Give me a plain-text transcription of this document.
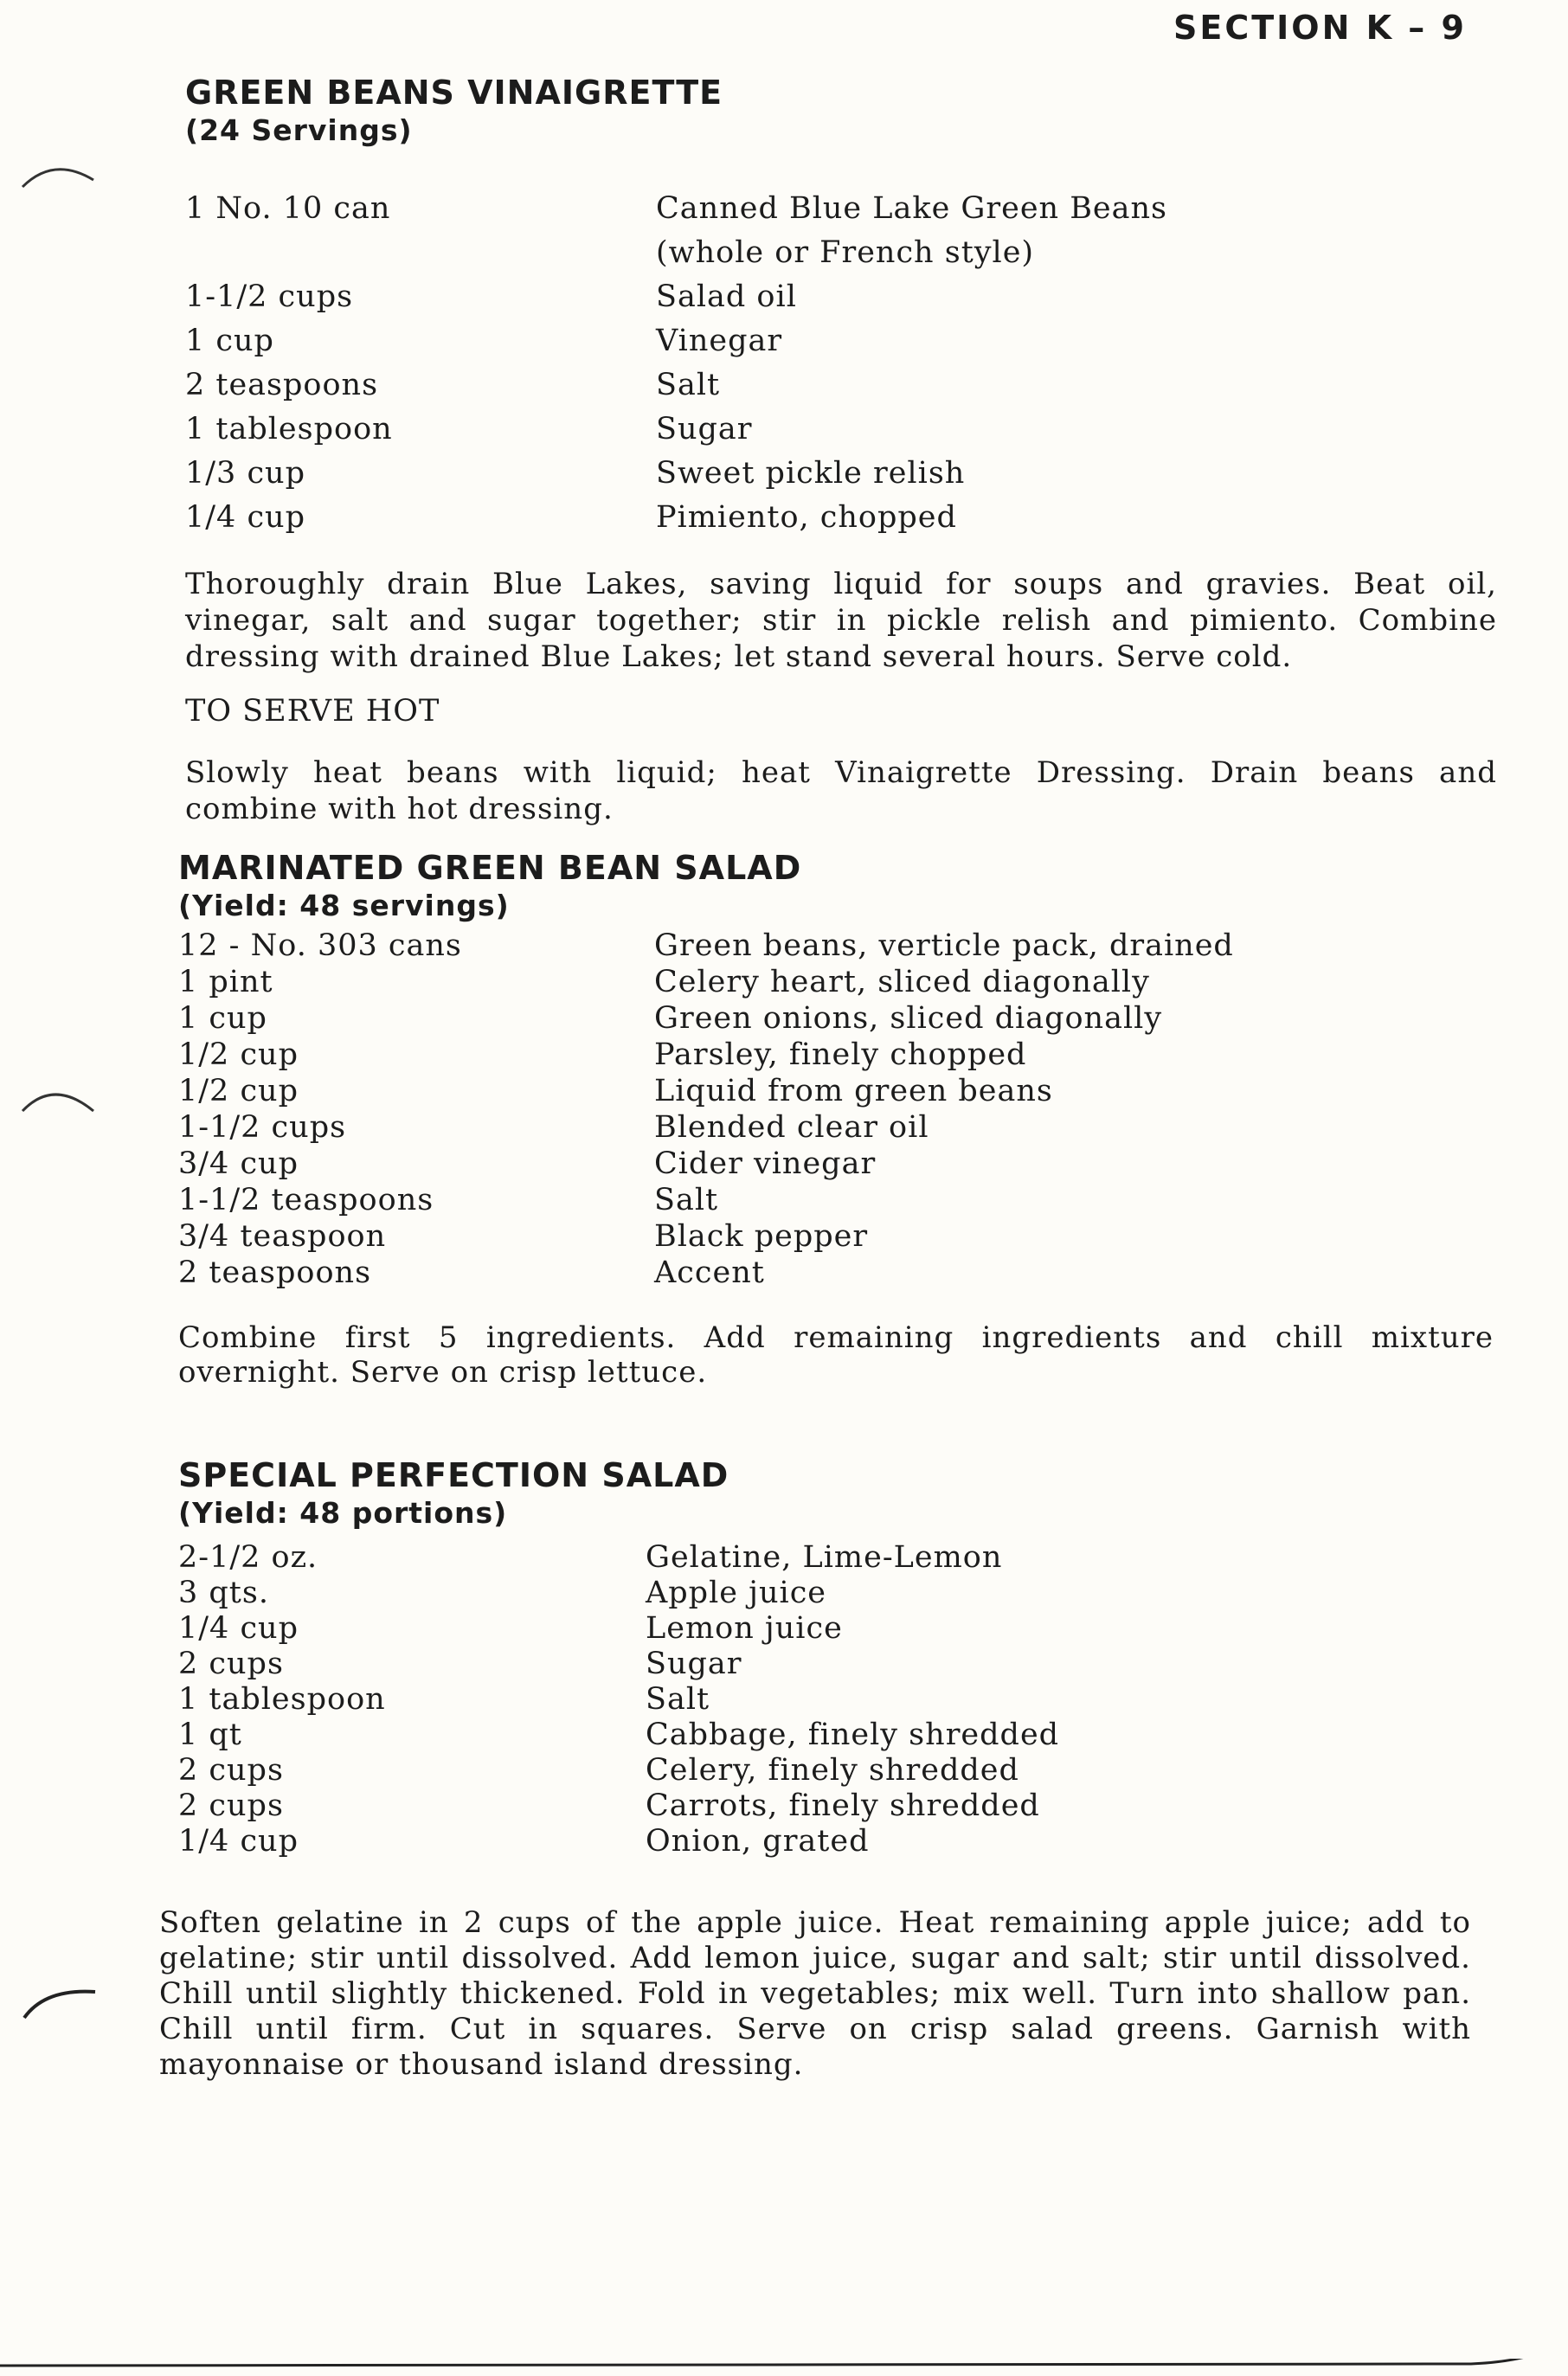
SECTION K – 9
GREEN BEANS VINAIGRETTE
(24 Servings)
1 No. 10 can	Canned Blue Lake Green Beans
(whole or French style)
1-1/2 cups	Salad oil
1 cup	Vinegar
2 teaspoons	Salt
1 tablespoon	Sugar
1/3 cup	Sweet pickle relish
1/4 cup	Pimiento, chopped
Thoroughly drain Blue Lakes, saving liquid for soups and gravies. Beat oil, vinegar, salt and sugar together; stir in pickle relish and pimiento. Combine dressing with drained Blue Lakes; let stand several hours. Serve cold.
TO SERVE HOT
Slowly heat beans with liquid; heat Vinaigrette Dressing. Drain beans and combine with hot dressing.
MARINATED GREEN BEAN SALAD
(Yield: 48 servings)
12 - No. 303 cans	Green beans, verticle pack, drained
1 pint	Celery heart, sliced diagonally
1 cup	Green onions, sliced diagonally
1/2 cup	Parsley, finely chopped
1/2 cup	Liquid from green beans
1-1/2 cups	Blended clear oil
3/4 cup	Cider vinegar
1-1/2 teaspoons	Salt
3/4 teaspoon	Black pepper
2 teaspoons	Accent
Combine first 5 ingredients. Add remaining ingredients and chill mixture overnight. Serve on crisp lettuce.
SPECIAL PERFECTION SALAD
(Yield: 48 portions)
2-1/2 oz.	Gelatine, Lime-Lemon
3 qts.	Apple juice
1/4 cup	Lemon juice
2 cups	Sugar
1 tablespoon	Salt
1 qt	Cabbage, finely shredded
2 cups	Celery, finely shredded
2 cups	Carrots, finely shredded
1/4 cup	Onion, grated
Soften gelatine in 2 cups of the apple juice. Heat remaining apple juice; add to gelatine; stir until dissolved. Add lemon juice, sugar and salt; stir until dissolved. Chill until slightly thickened. Fold in vegetables; mix well. Turn into shallow pan. Chill until firm. Cut in squares. Serve on crisp salad greens. Garnish with mayonnaise or thousand island dressing.
